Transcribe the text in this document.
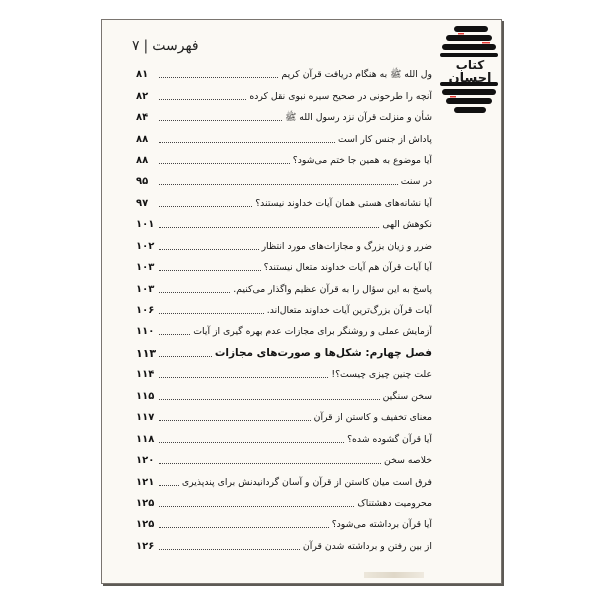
فهرست|۷
کتاب
احسان
ول الله ﷺ به هنگام دریافت قرآن کریم
۸۱
آنچه را طرحونی در صحیح سیره نبوی نقل کرده
۸۲
شأن و منزلت قرآن نزد رسول الله ﷺ
۸۴
پاداش از جنس کار است
۸۸
آیا موضوع به همین جا ختم می‌شود؟
۸۸
در سنت
۹۵
آیا نشانه‌های هستی همان آیات خداوند نیستند؟
۹۷
نکوهش الهی
۱۰۱
ضرر و زیان بزرگ و مجازات‌های مورد انتظار
۱۰۲
آیا آیات قرآن هم آیات خداوند متعال نیستند؟
۱۰۳
پاسخ به این سؤال را به قرآن عظیم واگذار می‌کنیم.
۱۰۳
آیات قرآن بزرگ‌ترین آیات خداوند متعال‌اند.
۱۰۶
آزمایش عملی و روشنگر برای مجازات عدم بهره گیری از آیات
۱۱۰
فصل چهارم: شکل‌ها و صورت‌های مجازات
۱۱۳
علت چنین چیزی چیست؟!
۱۱۴
سخن سنگین
۱۱۵
معنای تخفیف و کاستن از قرآن
۱۱۷
آیا قرآن گشوده شده؟
۱۱۸
خلاصه سخن
۱۲۰
فرق است میان کاستن از قرآن و آسان گردانیدنش برای پندپذیری
۱۲۱
محرومیت دهشتناک
۱۲۵
آیا قرآن برداشته می‌شود؟
۱۲۵
از بین رفتن و برداشته شدن قرآن
۱۲۶
